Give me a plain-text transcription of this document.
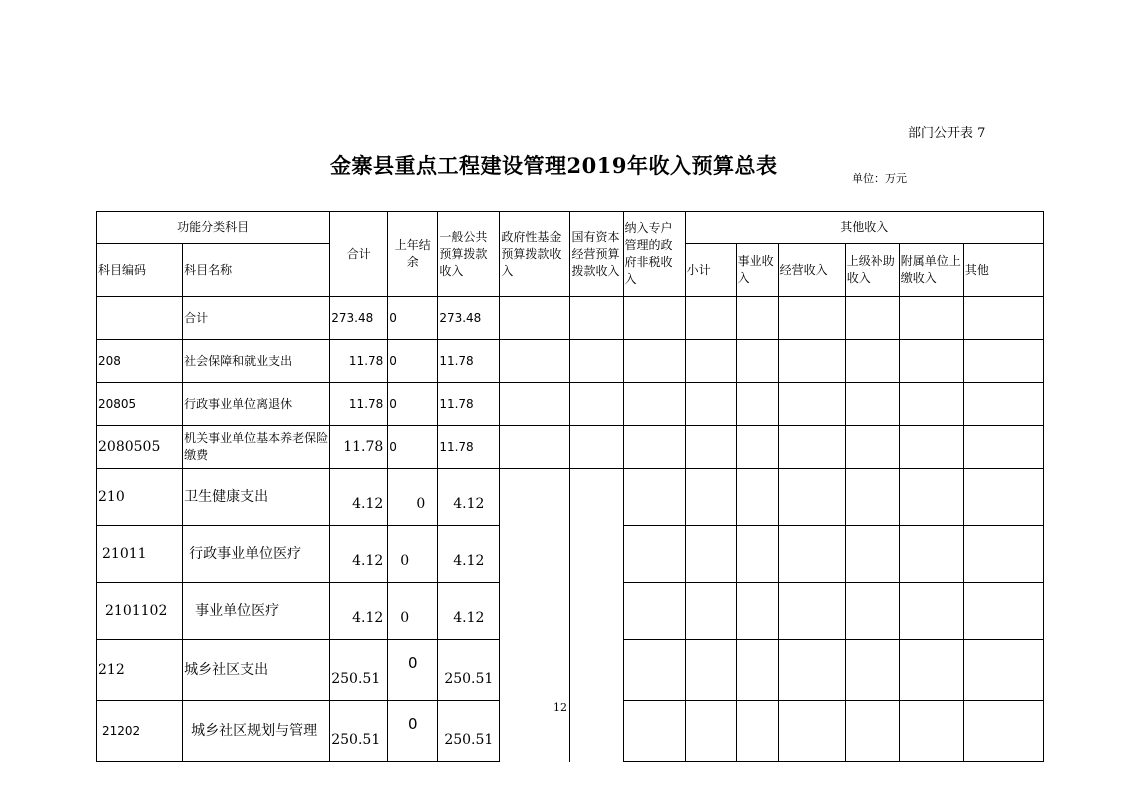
部门公开表 7
金寨县重点工程建设管理2019年收入预算总表
单位：万元
功能分类科目		合计	上年结余	一般公共预算拨款收入	政府性基金预算拨款收入	国有资本经营预算拨款收入	纳入专户管理的政府非税收入	其他收入					
科目编码	科目名称							小计	事业收入	经营收入	上级补助收入	附属单位上缴收入	其他
	合计	273.48	0	273.48									
208	社会保障和就业支出	11.78	0	11.78									
20805	行政事业单位离退休	11.78	0	11.78									
2080505	机关事业单位基本养老保险缴费	11.78	0	11.78									
210	卫生健康支出	4.12	0	4.12									
21011	行政事业单位医疗	4.12	0	4.12									
2101102	事业单位医疗	4.12	0	4.12									
212	城乡社区支出	250.51	0	250.51									
21202	城乡社区规划与管理	250.51	0	250.51									
12
